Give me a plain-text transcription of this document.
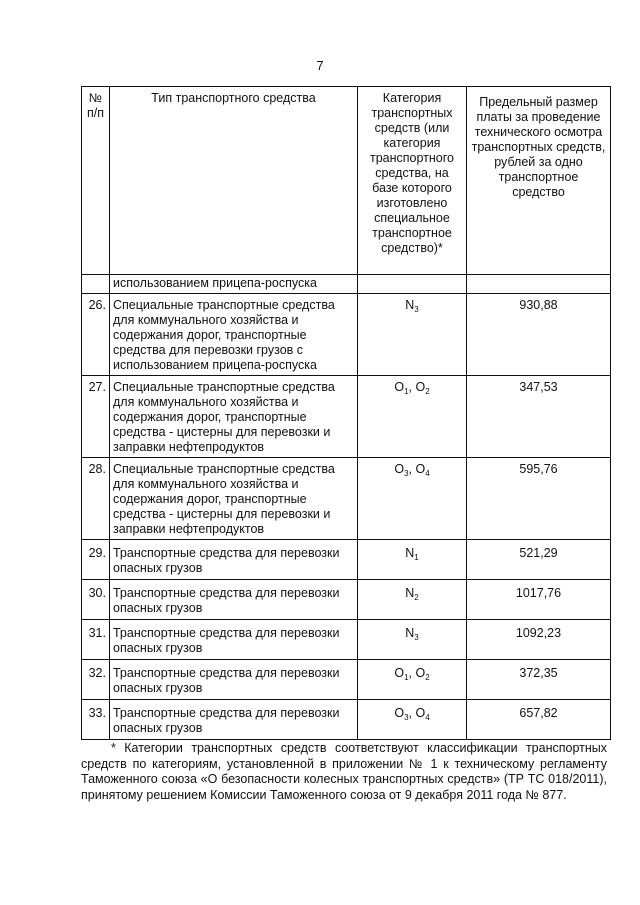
7
№ п/п	Тип транспортного средства	Категория транспортных средств (или категория транспортного средства, на базе которого изготовлено специальное транспортное средство)*	Предельный размер платы за проведение технического осмотра транспортных средств, рублей за одно транспортное средство
	использованием прицепа-роспуска		
26.	Специальные транспортные средства для коммунального хозяйства и содержания дорог, транспортные средства для перевозки грузов с использованием прицепа-роспуска	$N_3$	930,88
27.	Специальные транспортные средства для коммунального хозяйства и содержания дорог, транспортные средства - цистерны для перевозки и заправки нефтепродуктов	$O_1$, $O_2$	347,53
28.	Специальные транспортные средства для коммунального хозяйства и содержания дорог, транспортные средства - цистерны для перевозки и заправки нефтепродуктов	$O_3$, $O_4$	595,76
29.	Транспортные средства для перевозки опасных грузов	$N_1$	521,29
30.	Транспортные средства для перевозки опасных грузов	$N_2$	1017,76
31.	Транспортные средства для перевозки опасных грузов	$N_3$	1092,23
32.	Транспортные средства для перевозки опасных грузов	$O_1$, $O_2$	372,35
33.	Транспортные средства для перевозки опасных грузов	$O_3$, $O_4$	657,82

* Категории транспортных средств соответствуют классификации транспортных средств по категориям, установленной в приложении № 1 к техническому регламенту Таможенного союза «О безопасности колесных транспортных средств» (ТР ТС 018/2011), принятому решением Комиссии Таможенного союза от 9 декабря 2011 года № 877.
